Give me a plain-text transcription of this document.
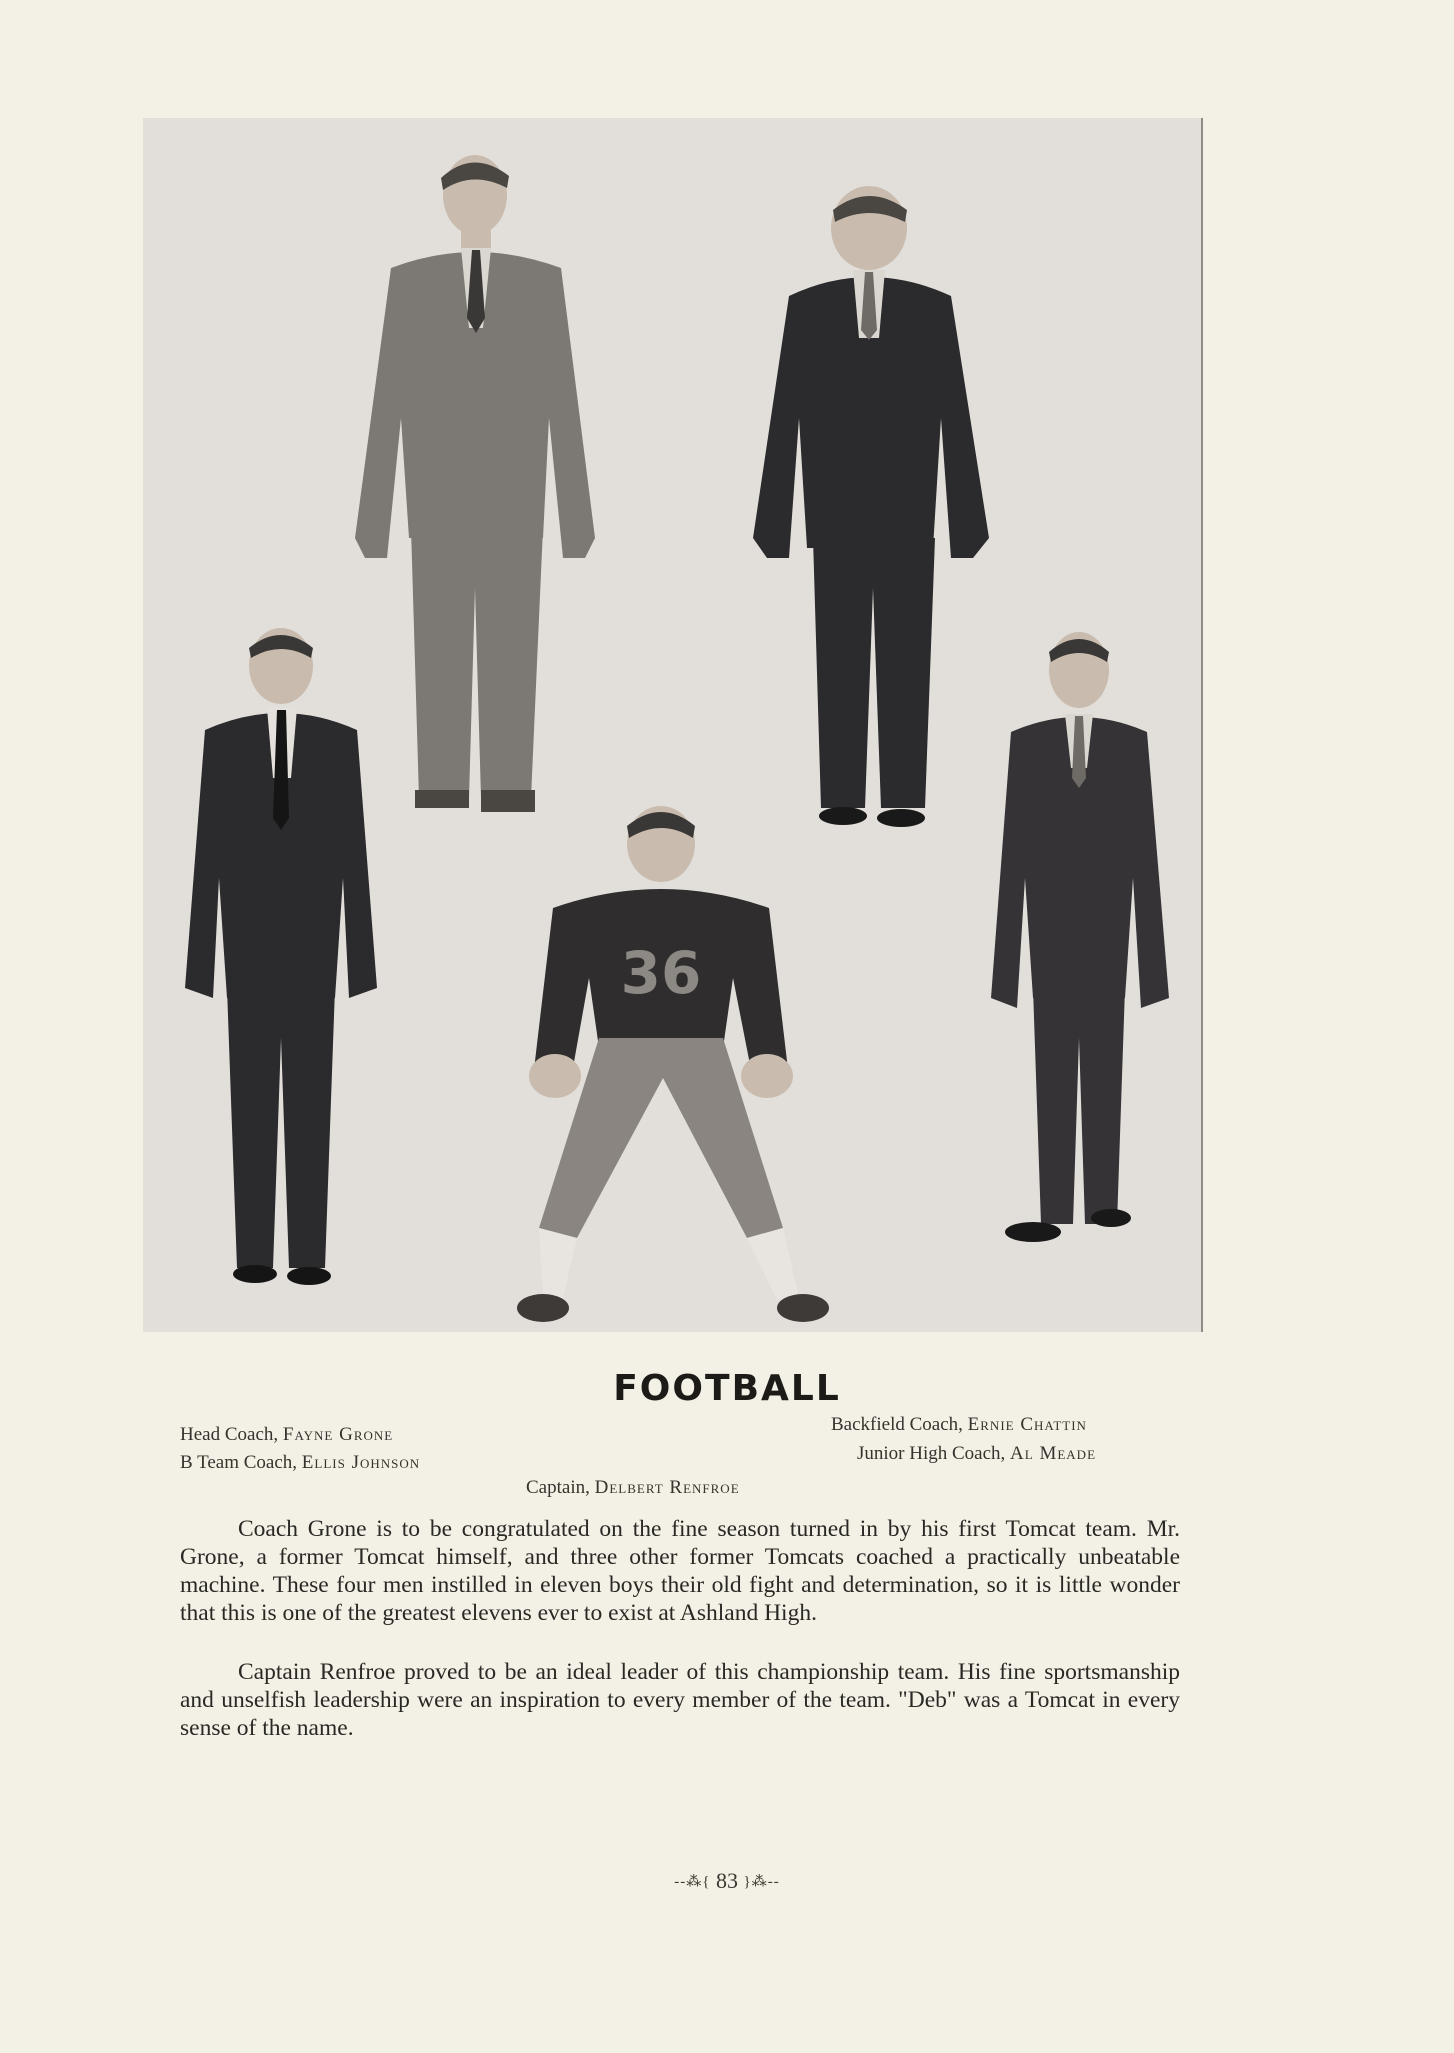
36
FOOTBALL
Head Coach, Fayne Grone
B Team Coach, Ellis Johnson
Backfield Coach, Ernie Chattin
Junior High Coach, Al Meade
Captain, Delbert Renfroe

Coach Grone is to be congratulated on the fine season turned in by his first Tomcat team. Mr. Grone, a former Tomcat himself, and three other former Tomcats coached a practically unbeatable machine. These four men instilled in eleven boys their old fight and determination, so it is little wonder that this is one of the greatest elevens ever to exist at Ashland High.

Captain Renfroe proved to be an ideal leader of this championship team. His fine sportsmanship and unselfish leadership were an inspiration to every member of the team. "Deb" was a Tomcat in every sense of the name.

--⁂{ 83 }⁂--
